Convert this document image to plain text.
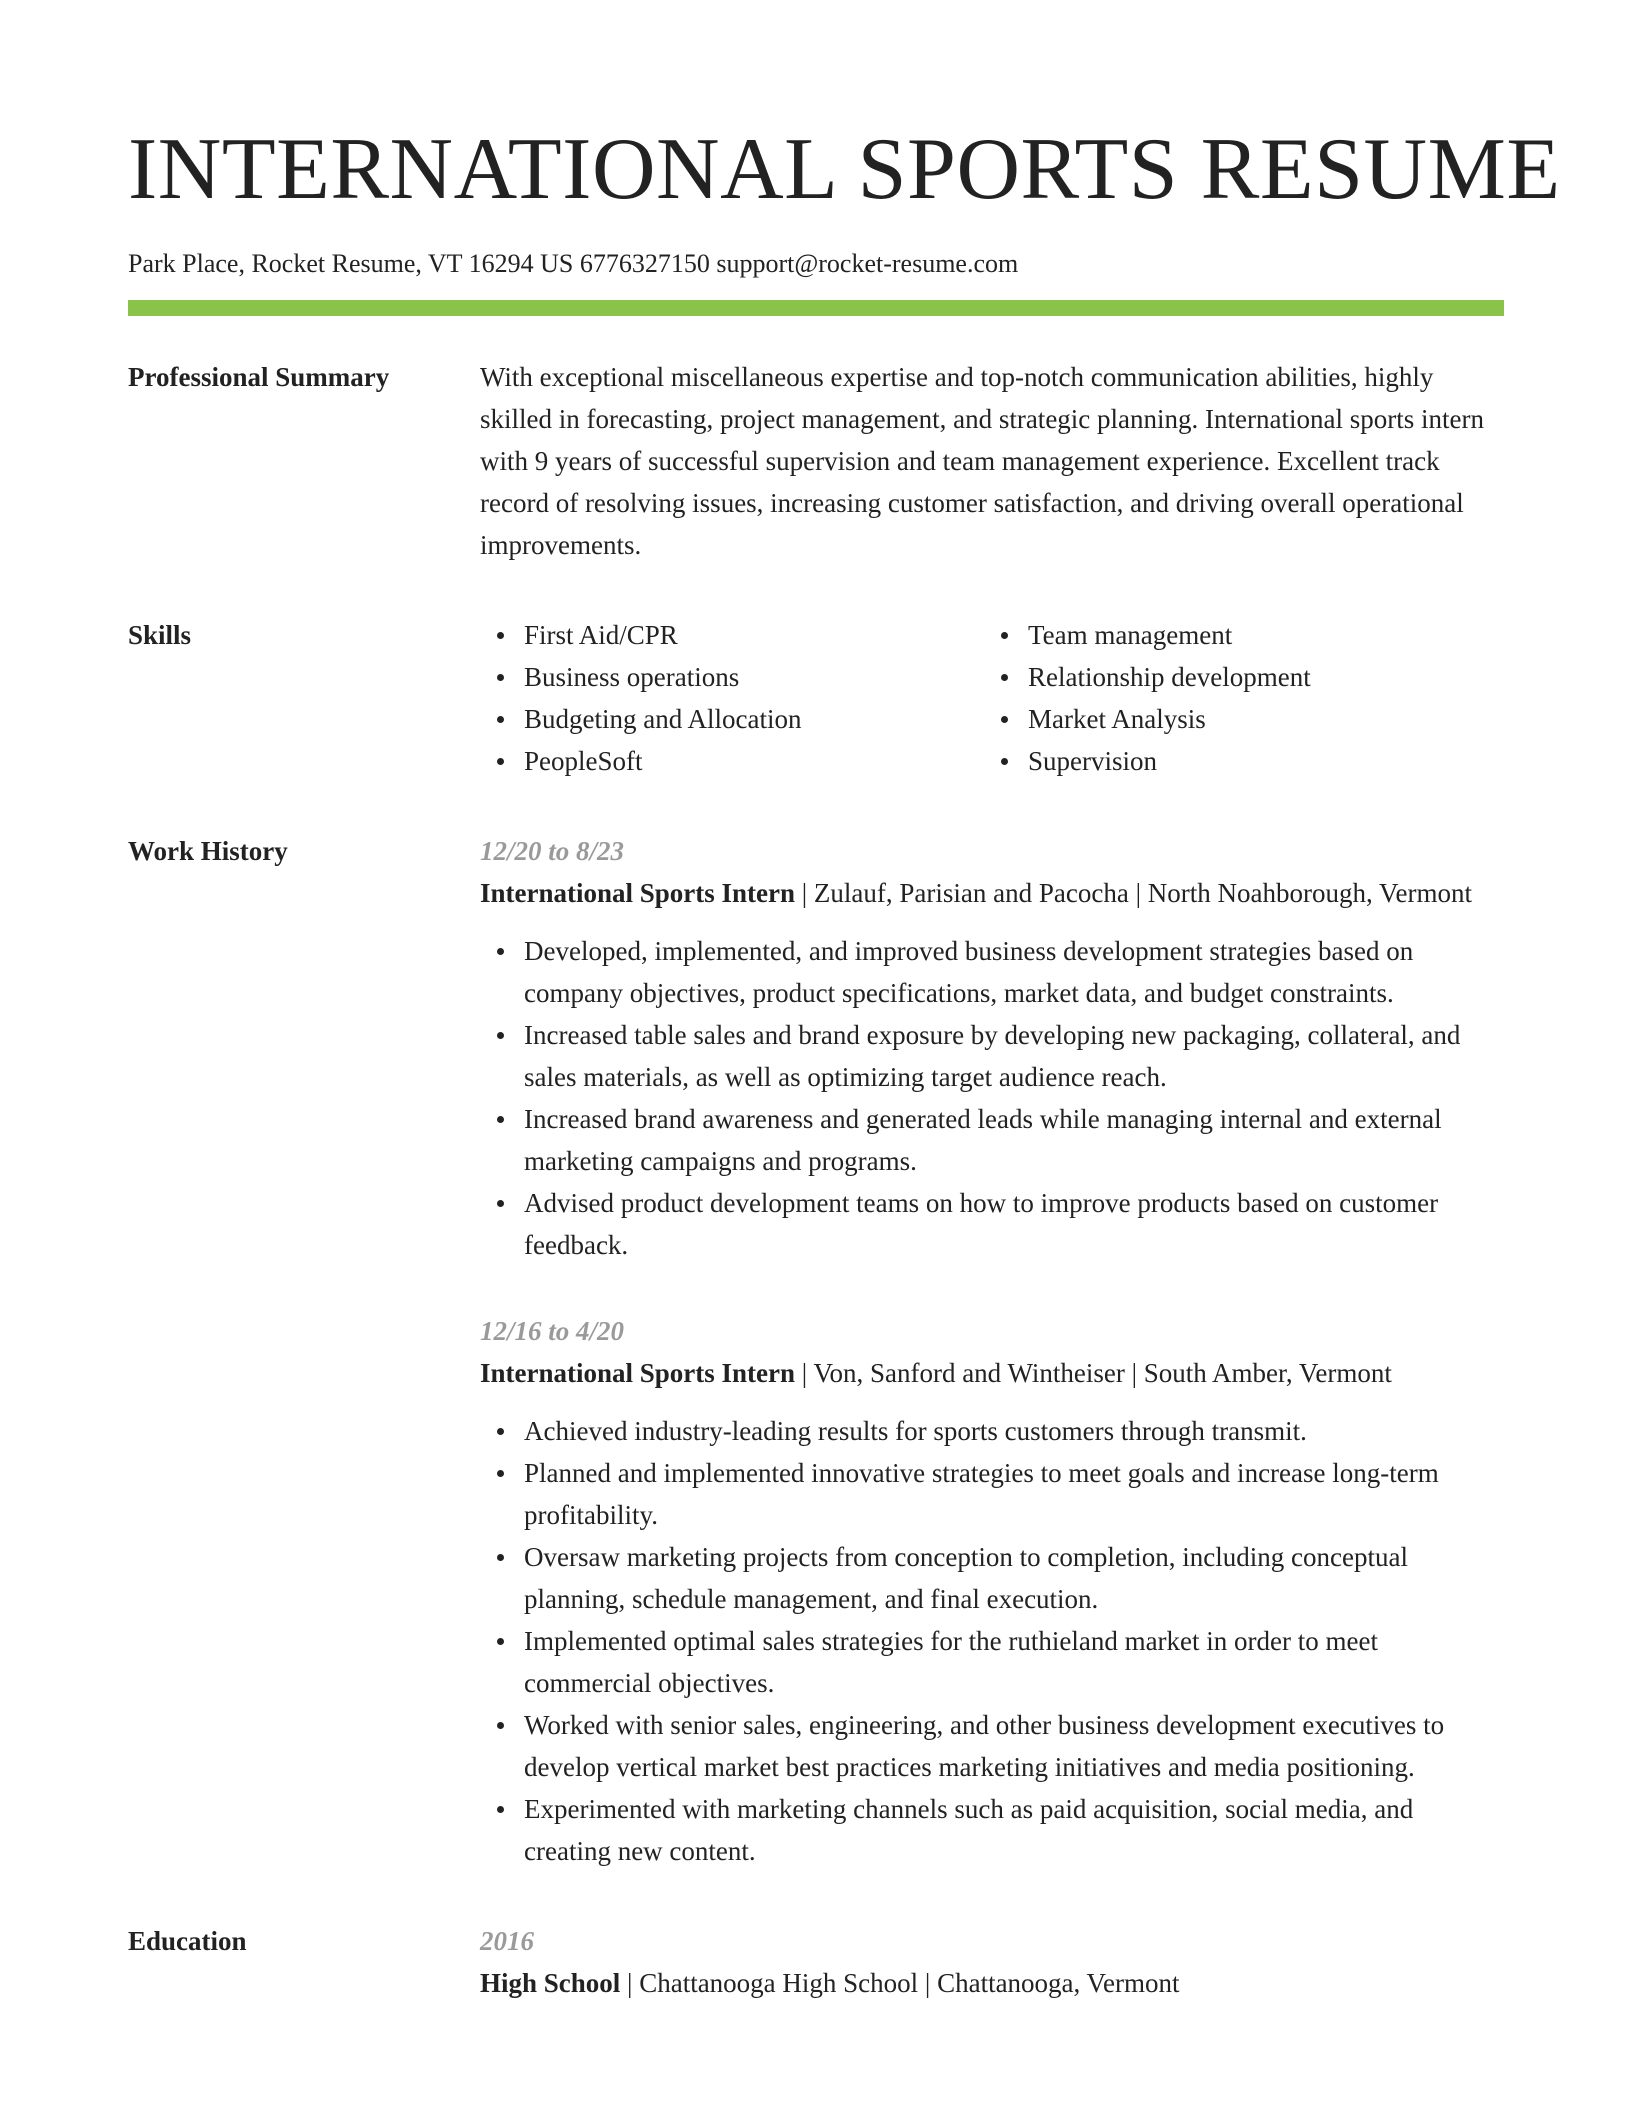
INTERNATIONAL SPORTS RESUME
Park Place, Rocket Resume, VT 16294 US 6776327150 support@rocket-resume.com
Professional Summary	With exceptional miscellaneous expertise and top-notch communication abilities, highly skilled in forecasting, project management, and strategic planning. International sports intern with 9 years of successful supervision and team management experience. Excellent track record of resolving issues, increasing customer satisfaction, and driving overall operational improvements.

Skills	First Aid/CPR
Business operations
Budgeting and Allocation
PeopleSoft
Team management
Relationship development
Market Analysis
Supervision
Work History	12/20 to 8/23
International Sports Intern | Zulauf, Parisian and Pacocha | North Noahborough, Vermont
Developed, implemented, and improved business development strategies based on company objectives, product specifications, market data, and budget constraints.
Increased table sales and brand exposure by developing new packaging, collateral, and sales materials, as well as optimizing target audience reach.
Increased brand awareness and generated leads while managing internal and external marketing campaigns and programs.
Advised product development teams on how to improve products based on customer feedback.
12/16 to 4/20
International Sports Intern | Von, Sanford and Wintheiser | South Amber, Vermont
Achieved industry-leading results for sports customers through transmit.
Planned and implemented innovative strategies to meet goals and increase long-term profitability.
Oversaw marketing projects from conception to completion, including conceptual planning, schedule management, and final execution.
Implemented optimal sales strategies for the ruthieland market in order to meet commercial objectives.
Worked with senior sales, engineering, and other business development executives to develop vertical market best practices marketing initiatives and media positioning.
Experimented with marketing channels such as paid acquisition, social media, and creating new content.
Education	2016
High School | Chattanooga High School | Chattanooga, Vermont
